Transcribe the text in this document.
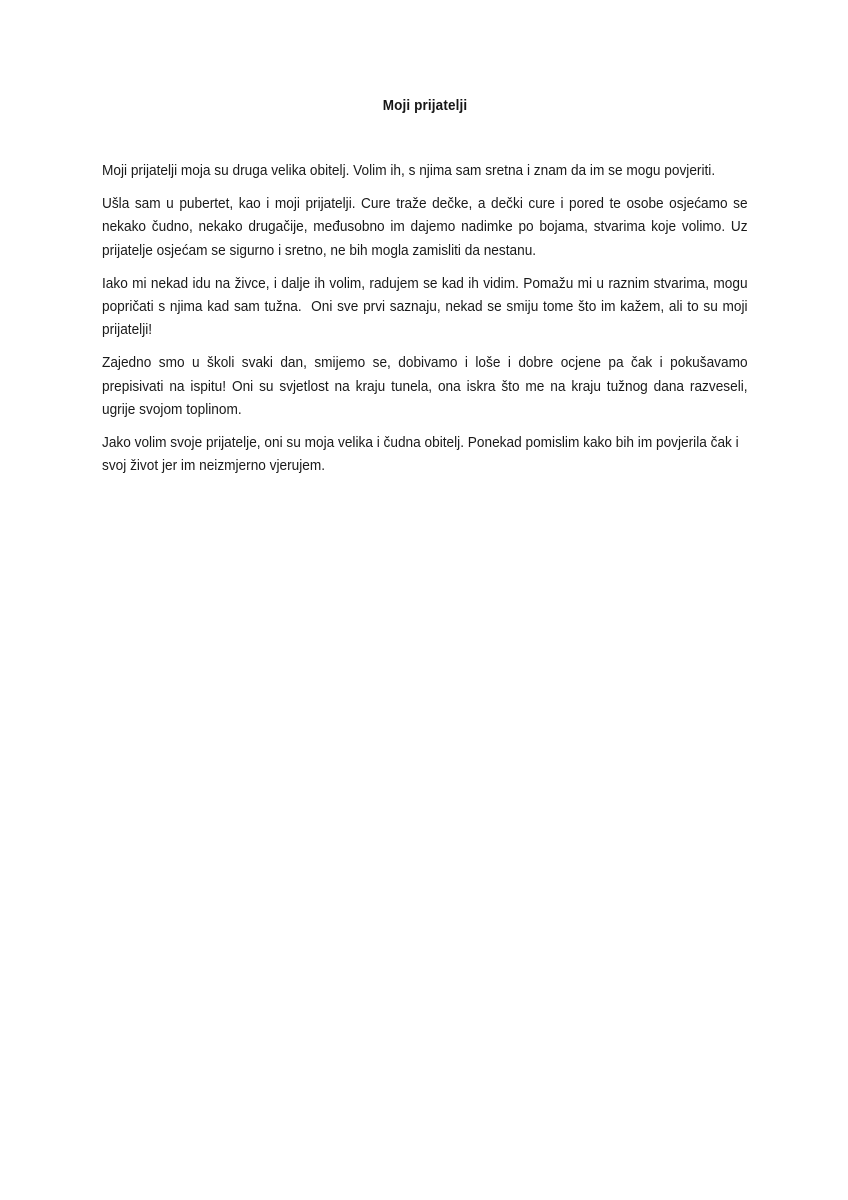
Moji prijatelji

Moji prijatelji moja su druga velika obitelj. Volim ih, s njima sam sretna i znam da im se mogu povjeriti.

Ušla sam u pubertet, kao i moji prijatelji. Cure traže dečke, a dečki cure i pored te osobe osjećamo se nekako čudno, nekako drugačije, međusobno im dajemo nadimke po bojama, stvarima koje volimo. Uz prijatelje osjećam se sigurno i sretno, ne bih mogla zamisliti da nestanu.

Iako mi nekad idu na živce, i dalje ih volim, radujem se kad ih vidim. Pomažu mi u raznim stvarima, mogu popričati s njima kad sam tužna.  Oni sve prvi saznaju, nekad se smiju tome što im kažem, ali to su moji prijatelji!

Zajedno smo u školi svaki dan, smijemo se, dobivamo i loše i dobre ocjene pa čak i pokušavamo prepisivati na ispitu! Oni su svjetlost na kraju tunela, ona iskra što me na kraju tužnog dana razveseli, ugrije svojom toplinom.

Jako volim svoje prijatelje, oni su moja velika i čudna obitelj. Ponekad pomislim kako bih im povjerila čak i svoj život jer im neizmjerno vjerujem.
